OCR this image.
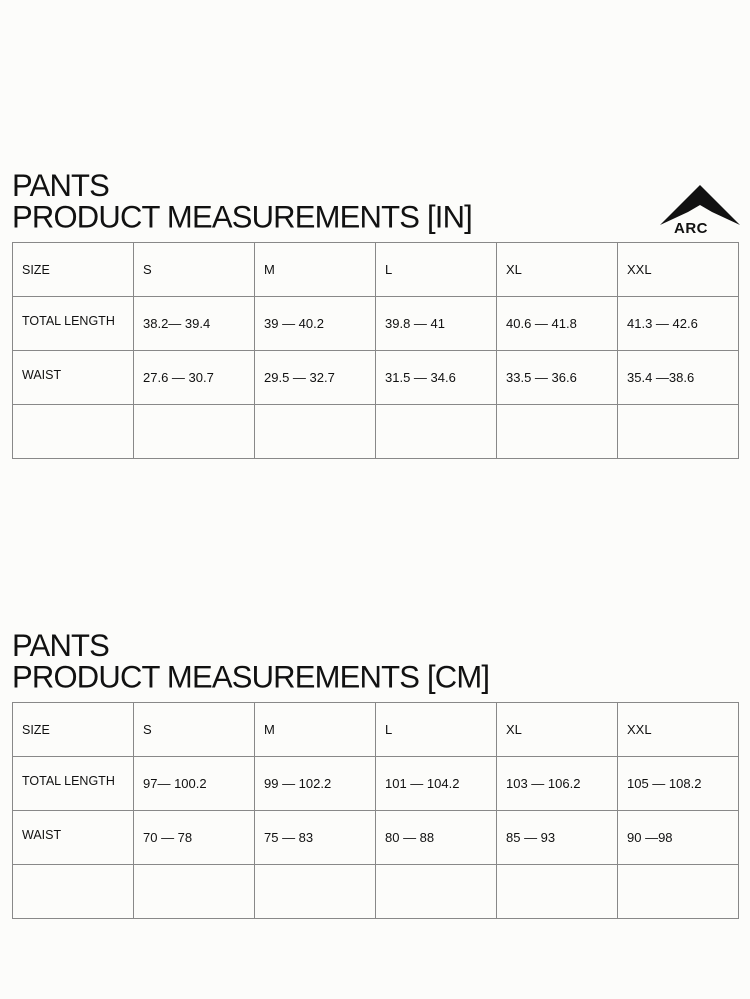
ARC
PANTS
PRODUCT MEASUREMENTS [IN]
SIZE	S	M	L	XL	XXL
TOTAL LENGTH	38.2— 39.4	39 — 40.2	39.8 — 41	40.6 — 41.8	41.3 — 42.6
WAIST	27.6 — 30.7	29.5 — 32.7	31.5 — 34.6	33.5 — 36.6	35.4 —38.6

PANTS
PRODUCT MEASUREMENTS [CM]
SIZE	S	M	L	XL	XXL
TOTAL LENGTH	97— 100.2	99 — 102.2	101 — 104.2	103 — 106.2	105 — 108.2
WAIST	70 — 78	75 — 83	80 — 88	85 — 93	90 —98
